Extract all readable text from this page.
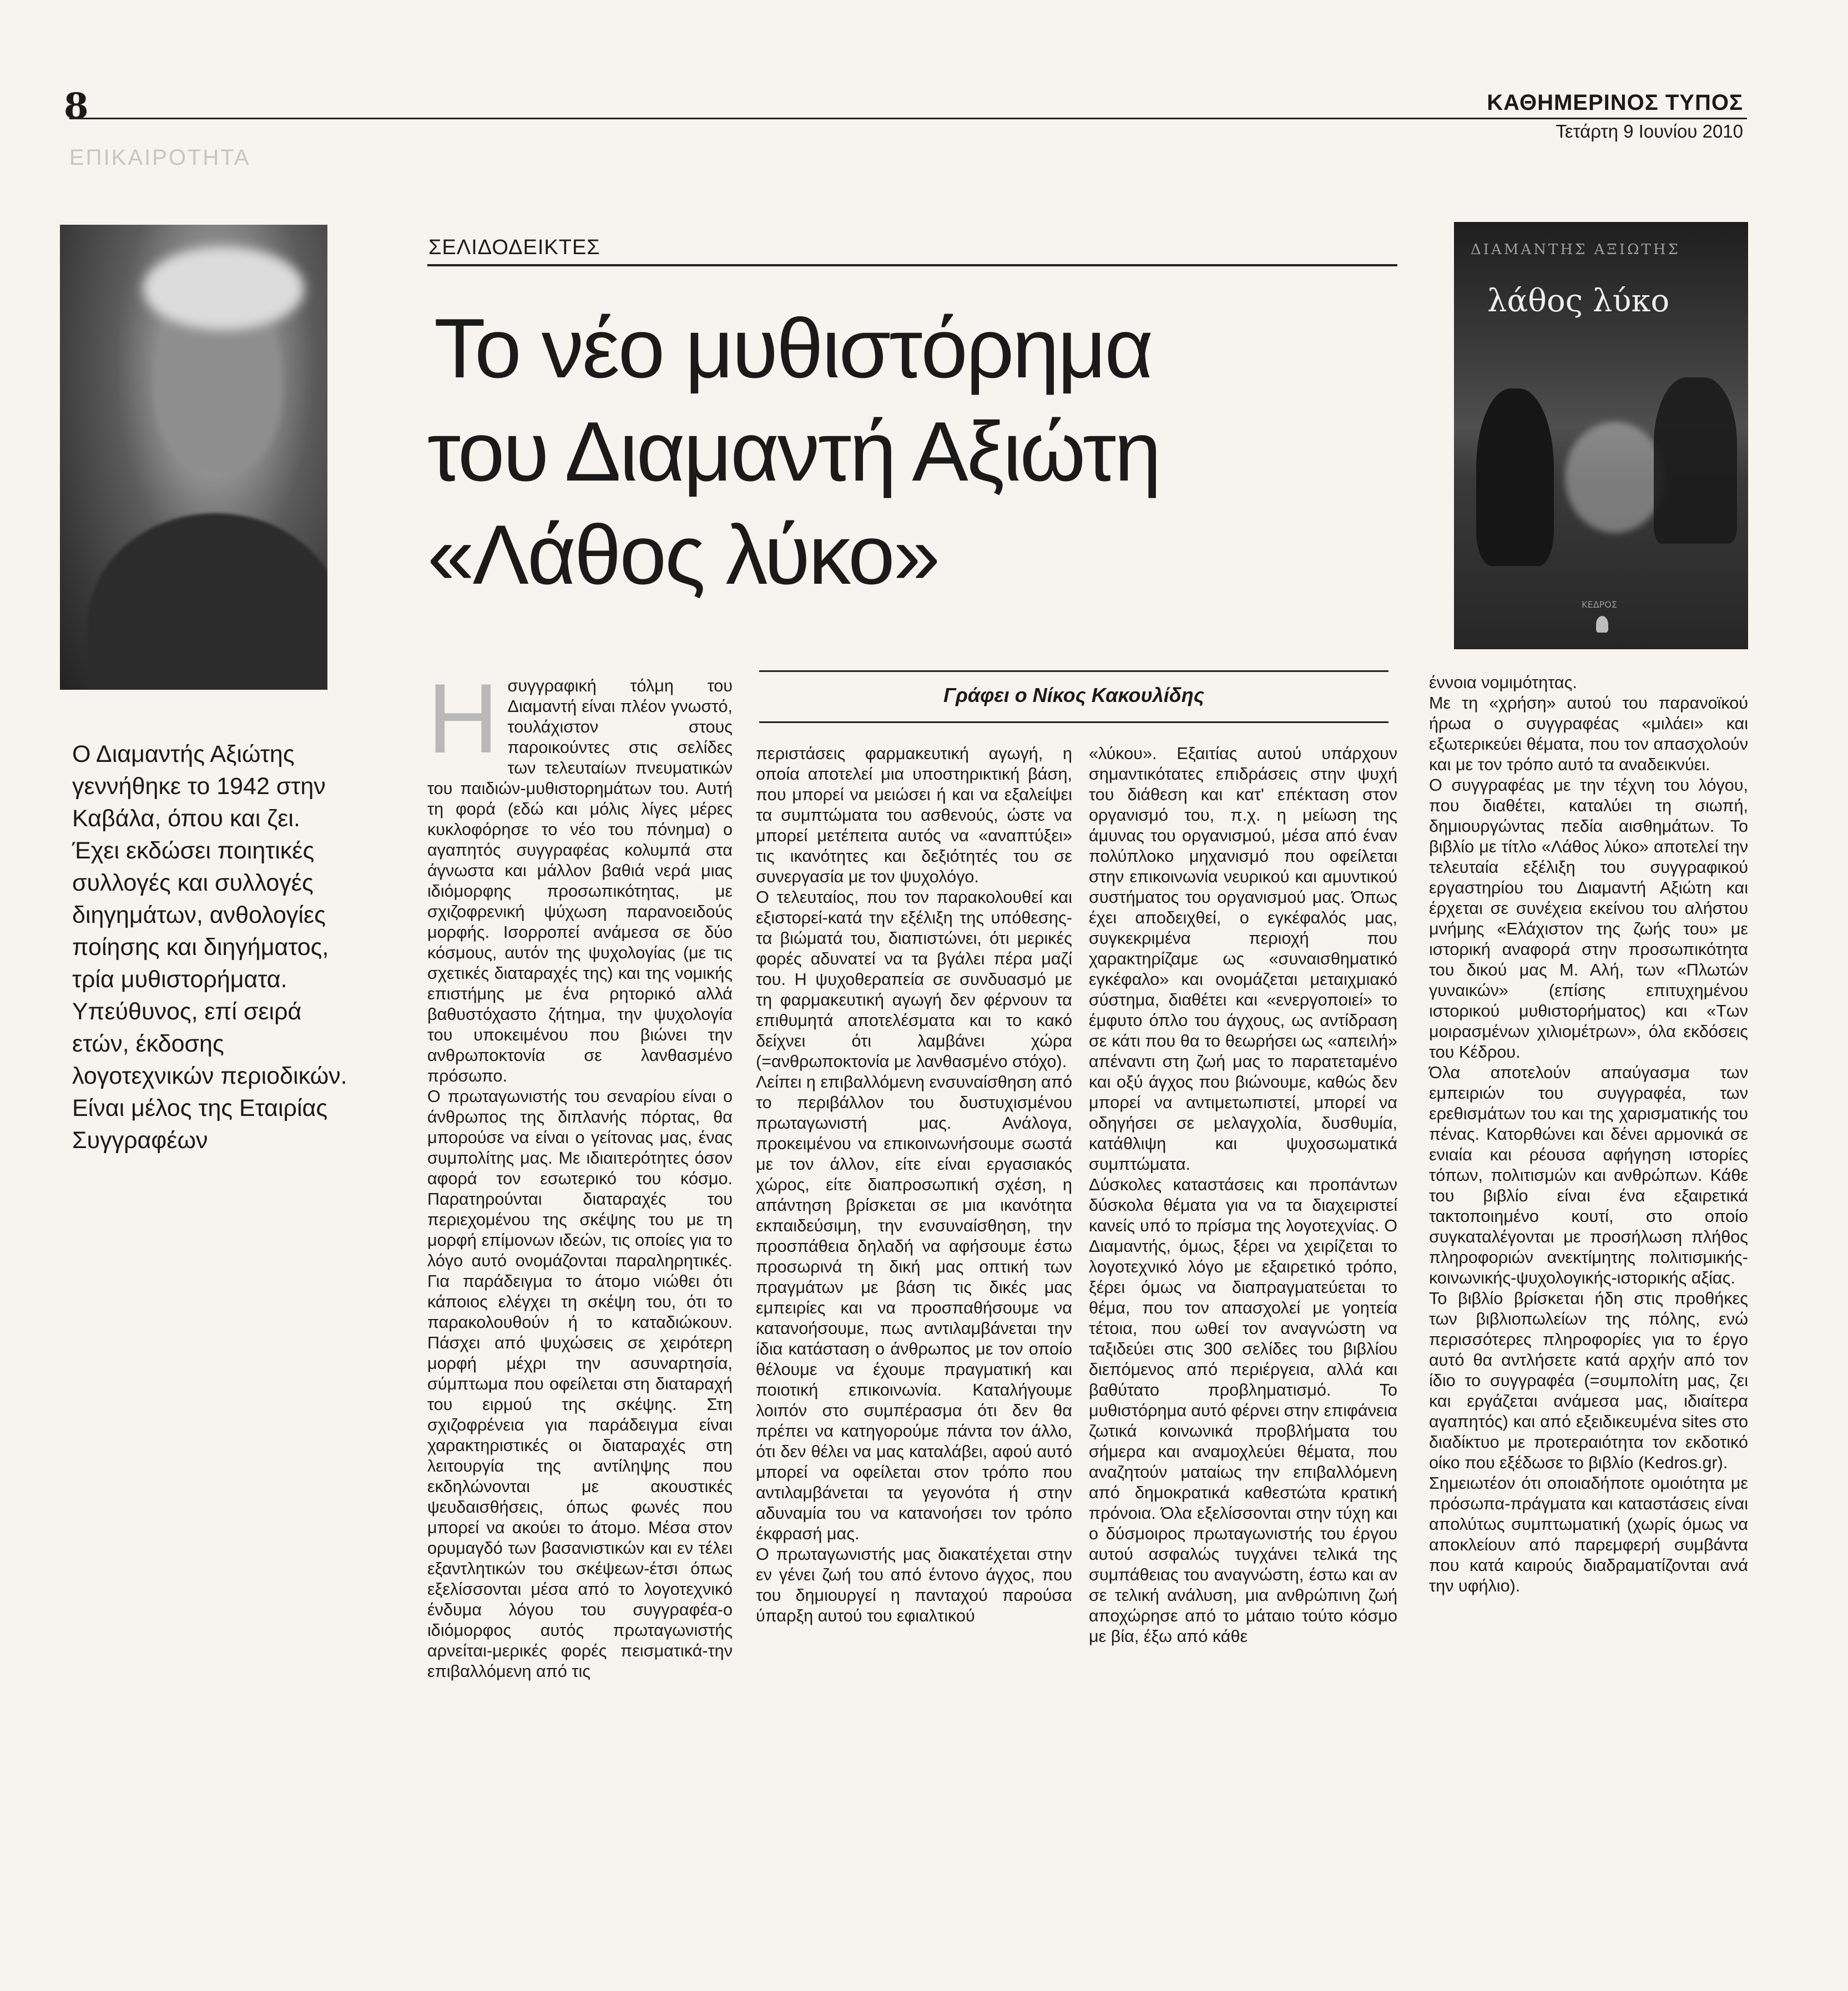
8	ΚΑΘΗΜΕΡΙΝΟΣ ΤΥΠΟΣ
Τετάρτη 9 Ιουνίου 2010
ΕΠΙΚΑΙΡΟΤΗΤΑ
Ο Διαμαντής Αξιώτης γεννήθηκε το 1942 στην Καβάλα, όπου και ζει. Έχει εκδώσει ποιητικές συλλογές και συλλογές διηγημάτων, ανθολογίες ποίησης και διηγήματος, τρία μυθιστορήματα. Υπεύθυνος, επί σειρά ετών, έκδοσης λογοτεχνικών περιοδικών. Είναι μέλος της Εταιρίας Συγγραφέων
ΣΕΛΙΔΟΔΕΙΚΤΕΣ
Το νέο μυθιστόρημα
του Διαμαντή Αξιώτη
«Λάθος λύκο»
ΔΙΑΜΑΝΤΗΣ ΑΞΙΩΤΗΣ
λάθος λύκο
ΚΕΔΡΟΣ
Γράφει ο Νίκος Κακουλίδης

Ησυγγραφική τόλμη του Διαμαντή είναι πλέον γνωστό, τουλάχιστον στους παροικούντες στις σελίδες των τελευταίων πνευματικών του παιδιών-μυθιστορημάτων του. Αυτή τη φορά (εδώ και μόλις λίγες μέρες κυκλοφόρησε το νέο του πόνημα) ο αγαπητός συγγραφέας κολυμπά στα άγνωστα και μάλλον βαθιά νερά μιας ιδιόμορφης προσωπικότητας, με σχιζοφρενική ψύχωση παρανοειδούς μορφής. Ισορροπεί ανάμεσα σε δύο κόσμους, αυτόν της ψυχολογίας (με τις σχετικές διαταραχές της) και της νομικής επιστήμης με ένα ρητορικό αλλά βαθυστόχαστο ζήτημα, την ψυχολογία του υποκειμένου που βιώνει την ανθρωποκτονία σε λανθασμένο πρόσωπο.

Ο πρωταγωνιστής του σεναρίου είναι ο άνθρωπος της διπλανής πόρτας, θα μπορούσε να είναι ο γείτονας μας, ένας συμπολίτης μας. Με ιδιαιτερότητες όσον αφορά τον εσωτερικό του κόσμο. Παρατηρούνται διαταραχές του περιεχομένου της σκέψης του με τη μορφή επίμονων ιδεών, τις οποίες για το λόγο αυτό ονομάζονται παραληρητικές. Για παράδειγμα το άτομο νιώθει ότι κάποιος ελέγχει τη σκέψη του, ότι το παρακολουθούν ή το καταδιώκουν. Πάσχει από ψυχώσεις σε χειρότερη μορφή μέχρι την ασυναρτησία, σύμπτωμα που οφείλεται στη διαταραχή του ειρμού της σκέψης. Στη σχιζοφρένεια για παράδειγμα είναι χαρακτηριστικές οι διαταραχές στη λειτουργία της αντίληψης που εκδηλώνονται με ακουστικές ψευδαισθήσεις, όπως φωνές που μπορεί να ακούει το άτομο. Μέσα στον ορυμαγδό των βασανιστικών και εν τέλει εξαντλητικών του σκέψεων-έτσι όπως εξελίσσονται μέσα από το λογοτεχνικό ένδυμα λόγου του συγγραφέα-ο ιδιόμορφος αυτός πρωταγωνιστής αρνείται-μερικές φορές πεισματικά-την επιβαλλόμενη από τις

περιστάσεις φαρμακευτική αγωγή, η οποία αποτελεί μια υποστηρικτική βάση, που μπορεί να μειώσει ή και να εξαλείψει τα συμπτώματα του ασθενούς, ώστε να μπορεί μετέπειτα αυτός να «αναπτύξει» τις ικανότητες και δεξιότητές του σε συνεργασία με τον ψυχολόγο.

Ο τελευταίος, που τον παρακολουθεί και εξιστορεί-κατά την εξέλιξη της υπόθεσης-τα βιώματά του, διαπιστώνει, ότι μερικές φορές αδυνατεί να τα βγάλει πέρα μαζί του. Η ψυχοθεραπεία σε συνδυασμό με τη φαρμακευτική αγωγή δεν φέρνουν τα επιθυμητά αποτελέσματα και το κακό δείχνει ότι λαμβάνει χώρα (=ανθρωποκτονία με λανθασμένο στόχο).

Λείπει η επιβαλλόμενη ενσυναίσθηση από το περιβάλλον του δυστυχισμένου πρωταγωνιστή μας. Ανάλογα, προκειμένου να επικοινωνήσουμε σωστά με τον άλλον, είτε είναι εργασιακός χώρος, είτε διαπροσωπική σχέση, η απάντηση βρίσκεται σε μια ικανότητα εκπαιδεύσιμη, την ενσυναίσθηση, την προσπάθεια δηλαδή να αφήσουμε έστω προσωρινά τη δική μας οπτική των πραγμάτων με βάση τις δικές μας εμπειρίες και να προσπαθήσουμε να κατανοήσουμε, πως αντιλαμβάνεται την ίδια κατάσταση ο άνθρωπος με τον οποίο θέλουμε να έχουμε πραγματική και ποιοτική επικοινωνία. Καταλήγουμε λοιπόν στο συμπέρασμα ότι δεν θα πρέπει να κατηγορούμε πάντα τον άλλο, ότι δεν θέλει να μας καταλάβει, αφού αυτό μπορεί να οφείλεται στον τρόπο που αντιλαμβάνεται τα γεγονότα ή στην αδυναμία του να κατανοήσει τον τρόπο έκφρασή μας.

Ο πρωταγωνιστής μας διακατέχεται στην εν γένει ζωή του από έντονο άγχος, που του δημιουργεί η πανταχού παρούσα ύπαρξη αυτού του εφιαλτικού

«λύκου». Εξαιτίας αυτού υπάρχουν σημαντικότατες επιδράσεις στην ψυχή του διάθεση και κατ' επέκταση στον οργανισμό του, π.χ. η μείωση της άμυνας του οργανισμού, μέσα από έναν πολύπλοκο μηχανισμό που οφείλεται στην επικοινωνία νευρικού και αμυντικού συστήματος του οργανισμού μας. Όπως έχει αποδειχθεί, ο εγκέφαλός μας, συγκεκριμένα περιοχή που χαρακτηρίζαμε ως «συναισθηματικό εγκέφαλο» και ονομάζεται μεταιχμιακό σύστημα, διαθέτει και «ενεργοποιεί» το έμφυτο όπλο του άγχους, ως αντίδραση σε κάτι που θα το θεωρήσει ως «απειλή» απέναντι στη ζωή μας το παρατεταμένο και οξύ άγχος που βιώνουμε, καθώς δεν μπορεί να αντιμετωπιστεί, μπορεί να οδηγήσει σε μελαγχολία, δυσθυμία, κατάθλιψη και ψυχοσωματικά συμπτώματα.

Δύσκολες καταστάσεις και προπάντων δύσκολα θέματα για να τα διαχειριστεί κανείς υπό το πρίσμα της λογοτεχνίας. Ο Διαμαντής, όμως, ξέρει να χειρίζεται το λογοτεχνικό λόγο με εξαιρετικό τρόπο, ξέρει όμως να διαπραγματεύεται το θέμα, που τον απασχολεί με γοητεία τέτοια, που ωθεί τον αναγνώστη να ταξιδεύει στις 300 σελίδες του βιβλίου διεπόμενος από περιέργεια, αλλά και βαθύτατο προβληματισμό. Το μυθιστόρημα αυτό φέρνει στην επιφάνεια ζωτικά κοινωνικά προβλήματα του σήμερα και αναμοχλεύει θέματα, που αναζητούν ματαίως την επιβαλλόμενη από δημοκρατικά καθεστώτα κρατική πρόνοια. Όλα εξελίσσονται στην τύχη και ο δύσμοιρος πρωταγωνιστής του έργου αυτού ασφαλώς τυγχάνει τελικά της συμπάθειας του αναγνώστη, έστω και αν σε τελική ανάλυση, μια ανθρώπινη ζωή αποχώρησε από το μάταιο τούτο κόσμο με βία, έξω από κάθε

έννοια νομιμότητας.

Με τη «χρήση» αυτού του παρανοϊκού ήρωα ο συγγραφέας «μιλάει» και εξωτερικεύει θέματα, που τον απασχολούν και με τον τρόπο αυτό τα αναδεικνύει.

Ο συγγραφέας με την τέχνη του λόγου, που διαθέτει, καταλύει τη σιωπή, δημιουργώντας πεδία αισθημάτων. Το βιβλίο με τίτλο «Λάθος λύκο» αποτελεί την τελευταία εξέλιξη του συγγραφικού εργαστηρίου του Διαμαντή Αξιώτη και έρχεται σε συνέχεια εκείνου του αλήστου μνήμης «Ελάχιστον της ζωής του» με ιστορική αναφορά στην προσωπικότητα του δικού μας Μ. Αλή, των «Πλωτών γυναικών» (επίσης επιτυχημένου ιστορικού μυθιστορήματος) και «Των μοιρασμένων χιλιομέτρων», όλα εκδόσεις του Κέδρου.

Όλα αποτελούν απαύγασμα των εμπειριών του συγγραφέα, των ερεθισμάτων του και της χαρισματικής του πένας. Κατορθώνει και δένει αρμονικά σε ενιαία και ρέουσα αφήγηση ιστορίες τόπων, πολιτισμών και ανθρώπων. Κάθε του βιβλίο είναι ένα εξαιρετικά τακτοποιημένο κουτί, στο οποίο συγκαταλέγονται με προσήλωση πλήθος πληροφοριών ανεκτίμητης πολιτισμικής-κοινωνικής-ψυχολογικής-ιστορικής αξίας.

Το βιβλίο βρίσκεται ήδη στις προθήκες των βιβλιοπωλείων της πόλης, ενώ περισσότερες πληροφορίες για το έργο αυτό θα αντλήσετε κατά αρχήν από τον ίδιο το συγγραφέα (=συμπολίτη μας, ζει και εργάζεται ανάμεσα μας, ιδιαίτερα αγαπητός) και από εξειδικευμένα sites στο διαδίκτυο με προτεραιότητα τον εκδοτικό οίκο που εξέδωσε το βιβλίο (Kedros.gr).

Σημειωτέον ότι οποιαδήποτε ομοιότητα με πρόσωπα-πράγματα και καταστάσεις είναι απολύτως συμπτωματική (χωρίς όμως να αποκλείουν από παρεμφερή συμβάντα που κατά καιρούς διαδραματίζονται ανά την υφήλιο).
